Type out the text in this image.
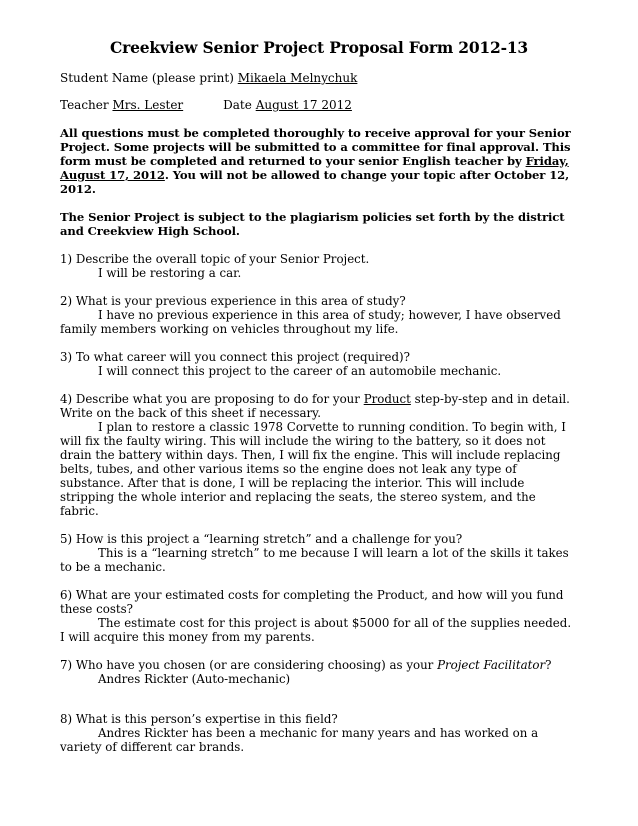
Creekview Senior Project Proposal Form 2012-13

Student Name (please print) Mikaela Melnychuk

Teacher Mrs. Lester	Date August 17 2012

All questions must be completed thoroughly to receive approval for your Senior Project. Some projects will be submitted to a committee for final approval. This form must be completed and returned to your senior English teacher by Friday, August 17, 2012. You will not be allowed to change your topic after October 12, 2012.

The Senior Project is subject to the plagiarism policies set forth by the district and Creekview High School.

1) Describe the overall topic of your Senior Project.

I will be restoring a car.

2) What is your previous experience in this area of study?

I have no previous experience in this area of study; however, I have observed family members working on vehicles throughout my life.

3) To what career will you connect this project (required)?

I will connect this project to the career of an automobile mechanic.

4) Describe what you are proposing to do for your Product step-by-step and in detail. Write on the back of this sheet if necessary.

I plan to restore a classic 1978 Corvette to running condition. To begin with, I will fix the faulty wiring. This will include the wiring to the battery, so it does not drain the battery within days. Then, I will fix the engine. This will include replacing belts, tubes, and other various items so the engine does not leak any type of substance. After that is done, I will be replacing the interior. This will include stripping the whole interior and replacing the seats, the stereo system, and the fabric.

5) How is this project a “learning stretch” and a challenge for you?

This is a “learning stretch” to me because I will learn a lot of the skills it takes to be a mechanic.

6) What are your estimated costs for completing the Product, and how will you fund these costs?

The estimate cost for this project is about $5000 for all of the supplies needed. I will acquire this money from my parents.

7) Who have you chosen (or are considering choosing) as your Project Facilitator?

Andres Rickter (Auto-mechanic)

8) What is this person’s expertise in this field?

Andres Rickter has been a mechanic for many years and has worked on a variety of different car brands.
